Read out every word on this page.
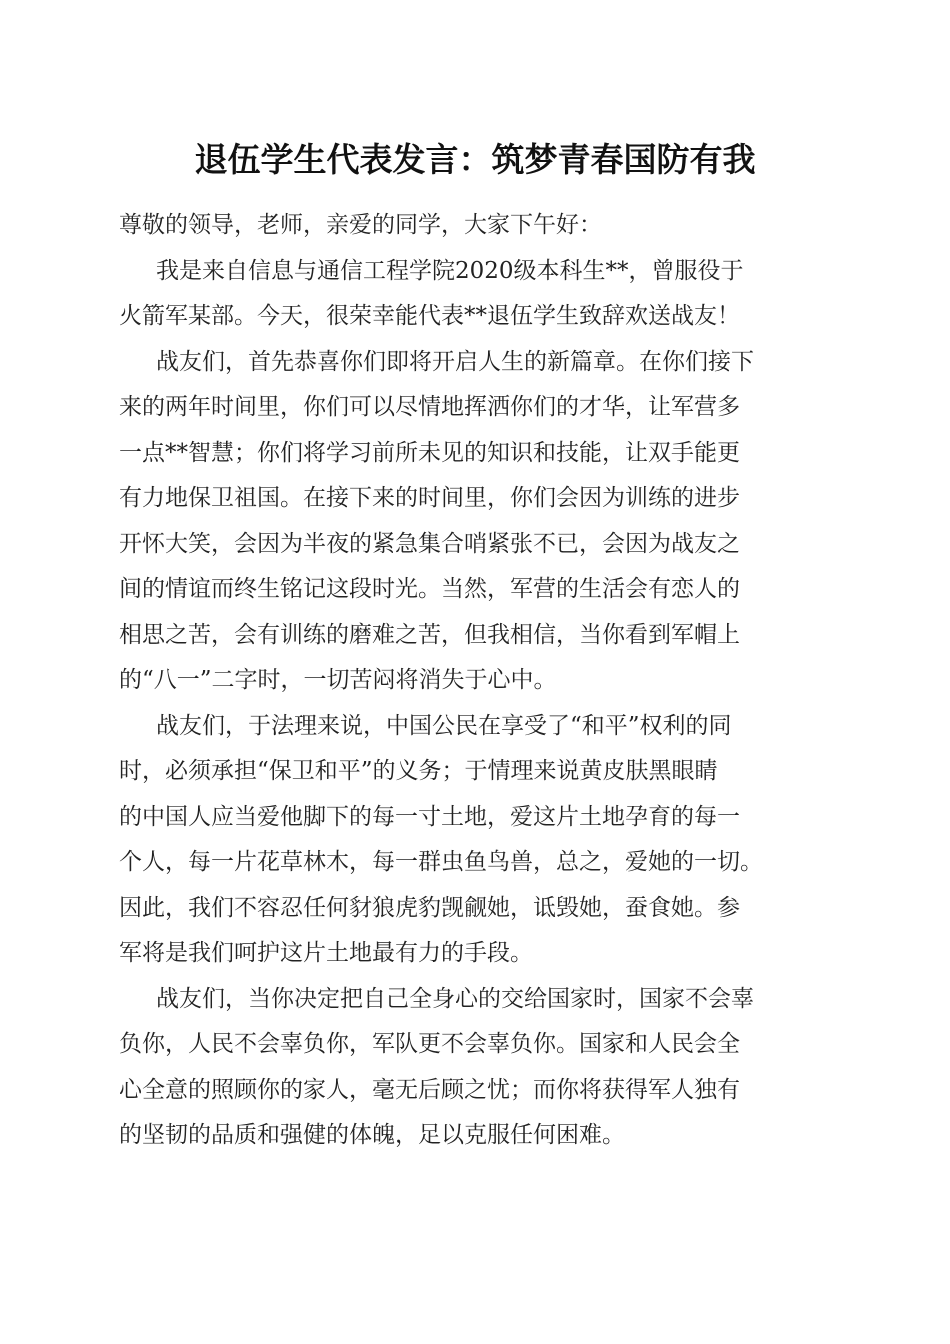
退伍学生代表发言：筑梦青春国防有我

尊敬的领导，老师，亲爱的同学，大家下午好：

我是来自信息与通信工程学院2020级本科生**，曾服役于
火箭军某部。今天，很荣幸能代表**退伍学生致辞欢送战友！

战友们，首先恭喜你们即将开启人生的新篇章。在你们接下
来的两年时间里，你们可以尽情地挥洒你们的才华，让军营多
一点**智慧；你们将学习前所未见的知识和技能，让双手能更
有力地保卫祖国。在接下来的时间里，你们会因为训练的进步
开怀大笑，会因为半夜的紧急集合哨紧张不已，会因为战友之
间的情谊而终生铭记这段时光。当然，军营的生活会有恋人的
相思之苦，会有训练的磨难之苦，但我相信，当你看到军帽上
的“八一”二字时，一切苦闷将消失于心中。

战友们，于法理来说，中国公民在享受了“和平”权利的同
时，必须承担“保卫和平”的义务；于情理来说黄皮肤黑眼睛
的中国人应当爱他脚下的每一寸土地，爱这片土地孕育的每一
个人，每一片花草林木，每一群虫鱼鸟兽，总之，爱她的一切。
因此，我们不容忍任何豺狼虎豹觊觎她，诋毁她，蚕食她。参
军将是我们呵护这片土地最有力的手段。

战友们，当你决定把自己全身心的交给国家时，国家不会辜
负你，人民不会辜负你，军队更不会辜负你。国家和人民会全
心全意的照顾你的家人，毫无后顾之忧；而你将获得军人独有
的坚韧的品质和强健的体魄，足以克服任何困难。
